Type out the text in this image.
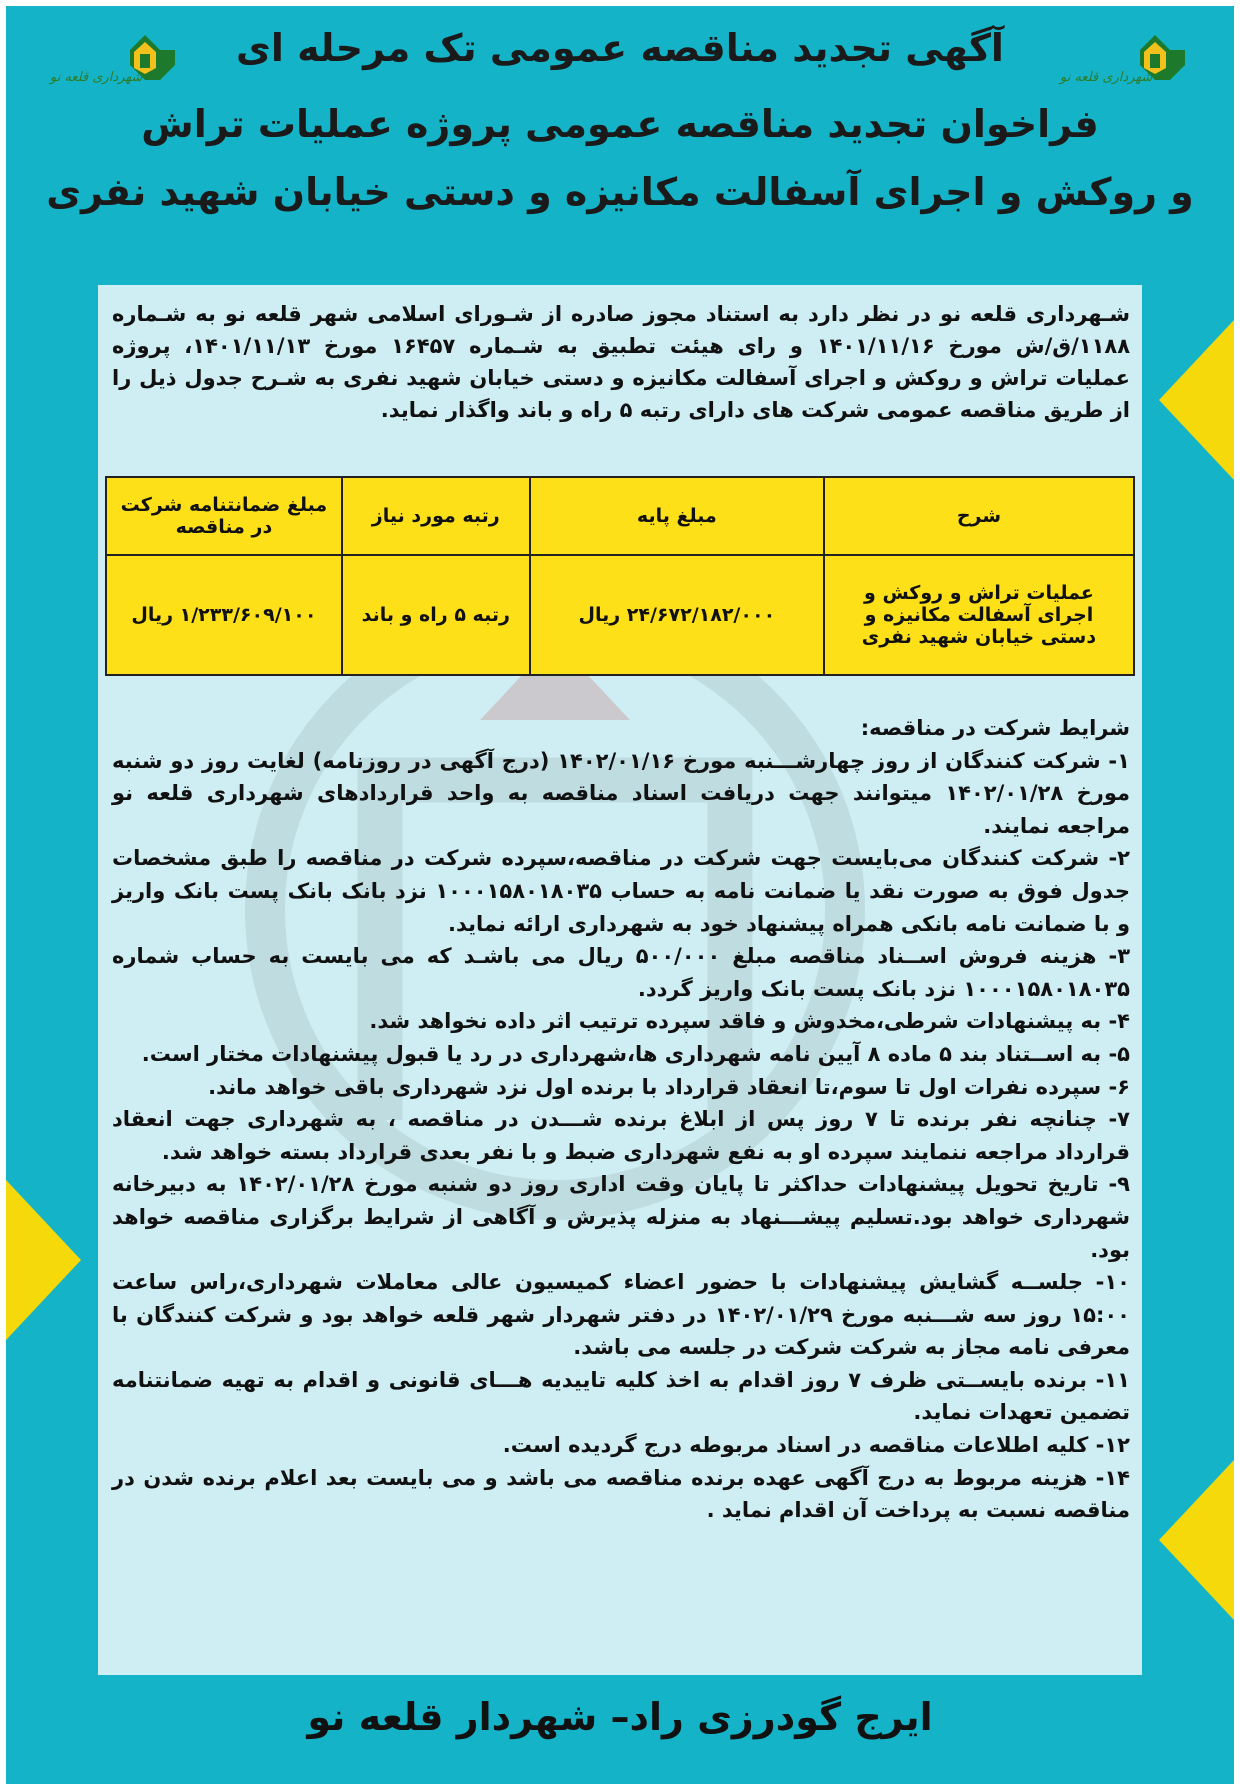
شهرداری قلعه نو	شهرداری قلعه نو
آگهی تجدید مناقصه عمومی تک مرحله ای
فراخوان تجدید مناقصه عمومی پروژه عملیات تراش
و روکش و اجرای آسفالت مکانیزه و دستی خیابان شهید نفری
شـهرداری قلعه نو در نظر دارد به استناد مجوز صادره از شـورای اسلامی شهر قلعه نو به شـماره ۱۱۸۸/ق/ش مورخ ۱۴۰۱/۱۱/۱۶ و رای هیئت تطبیق به شـماره ۱۶۴۵۷ مورخ ۱۴۰۱/۱۱/۱۳، پروژه عملیات تراش و روکش و اجرای آسفالت مکانیزه و دستی خیابان شهید نفری به شـرح جدول ذیل را از طریق مناقصه عمومی شرکت های دارای رتبه ۵ راه و باند واگذار نماید.
شرح	مبلغ پایه	رتبه مورد نیاز	مبلغ ضمانتنامه شرکت در مناقصه
عملیات تراش و روکش و اجرای آسفالت مکانیزه و دستی خیابان شهید نفری	۲۴/۶۷۲/۱۸۲/۰۰۰ ریال	رتبه ۵ راه و باند	۱/۲۳۳/۶۰۹/۱۰۰ ریال

شرایط شرکت در مناقصه:

۱- شرکت کنندگان از روز چهارشـــنبه مورخ ۱۴۰۲/۰۱/۱۶ (درج آگهی در روزنامه) لغایت روز دو شنبه مورخ ۱۴۰۲/۰۱/۲۸ میتوانند جهت دریافت اسناد مناقصه به واحد قراردادهای شهرداری قلعه نو مراجعه نمایند.

۲- شرکت کنندگان می‌بایست جهت شرکت در مناقصه،سپرده شرکت در مناقصه را طبق مشخصات جدول فوق به صورت نقد یا ضمانت نامه به حساب ۱۰۰۰۱۵۸۰۱۸۰۳۵ نزد بانک بانک پست بانک واریز و با ضمانت نامه بانکی همراه پیشنهاد خود به شهرداری ارائه نماید.

۳- هزینه فروش اســناد مناقصه مبلغ ۵۰۰/۰۰۰ ریال می باشـد که می بایست به حساب شماره ۱۰۰۰۱۵۸۰۱۸۰۳۵ نزد بانک پست بانک واریز گردد.

۴- به پیشنهادات شرطی،مخدوش و فاقد سپرده ترتیب اثر داده نخواهد شد.

۵- به اســتناد بند ۵ ماده ۸ آیین نامه شهرداری ها،شهرداری در رد یا قبول پیشنهادات مختار است.

۶- سپرده نفرات اول تا سوم،تا انعقاد قرارداد با برنده اول نزد شهرداری باقی خواهد ماند.

۷- چنانچه نفر برنده تا ۷ روز پس از ابلاغ برنده شـــدن در مناقصه ، به شهرداری جهت انعقاد قرارداد مراجعه ننمایند سپرده او به نفع شهرداری ضبط و با نفر بعدی قرارداد بسته خواهد شد.

۹- تاریخ تحویل پیشنهادات حداکثر تا پایان وقت اداری روز دو شنبه مورخ ۱۴۰۲/۰۱/۲۸ به دبیرخانه شهرداری خواهد بود.تسلیم پیشـــنهاد به منزله پذیرش و آگاهی از شرایط برگزاری مناقصه خواهد بود.

۱۰- جلســه گشایش پیشنهادات با حضور اعضاء کمیسیون عالی معاملات شهرداری،راس ساعت ۱۵:۰۰ روز سه شـــنبه مورخ ۱۴۰۲/۰۱/۲۹ در دفتر شهردار شهر قلعه خواهد بود و شرکت کنندگان با معرفی نامه مجاز به شرکت شرکت در جلسه می باشد.

۱۱- برنده بایســتی ظرف ۷ روز اقدام به اخذ کلیه تاییدیه هـــای قانونی و اقدام به تهیه ضمانتنامه تضمین تعهدات نماید.

۱۲- کلیه اطلاعات مناقصه در اسناد مربوطه درج گردیده است.

۱۴- هزینه مربوط به درج آگهی عهده برنده مناقصه می باشد و می بایست بعد اعلام برنده شدن در مناقصه نسبت به پرداخت آن اقدام نماید .

ایرج گودرزی راد– شهردار قلعه نو
